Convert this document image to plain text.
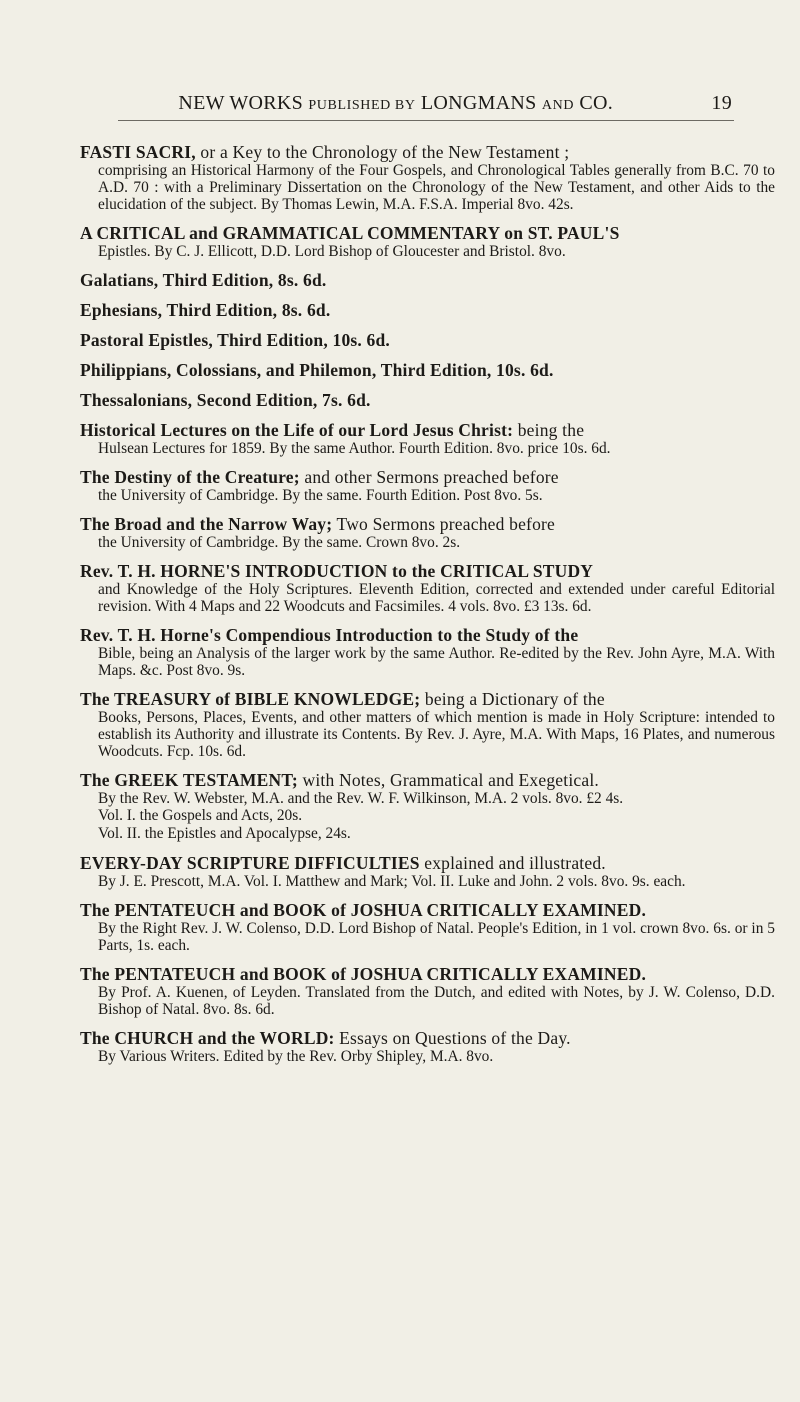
NEW WORKS PUBLISHED BY LONGMANS AND CO.	19
FASTI SACRI, or a Key to the Chronology of the New Testament ;
comprising an Historical Harmony of the Four Gospels, and Chronological Tables generally from B.C. 70 to A.D. 70 : with a Preliminary Dissertation on the Chronology of the New Testament, and other Aids to the elucidation of the subject. By Thomas Lewin, M.A. F.S.A. Imperial 8vo. 42s.
A CRITICAL and GRAMMATICAL COMMENTARY on ST. PAUL'S
Epistles. By C. J. Ellicott, D.D. Lord Bishop of Gloucester and Bristol. 8vo.
Galatians, Third Edition, 8s. 6d.
Ephesians, Third Edition, 8s. 6d.
Pastoral Epistles, Third Edition, 10s. 6d.
Philippians, Colossians, and Philemon, Third Edition, 10s. 6d.
Thessalonians, Second Edition, 7s. 6d.
Historical Lectures on the Life of our Lord Jesus Christ: being the
Hulsean Lectures for 1859. By the same Author. Fourth Edition. 8vo. price 10s. 6d.
The Destiny of the Creature; and other Sermons preached before
the University of Cambridge. By the same. Fourth Edition. Post 8vo. 5s.
The Broad and the Narrow Way; Two Sermons preached before
the University of Cambridge. By the same. Crown 8vo. 2s.
Rev. T. H. HORNE'S INTRODUCTION to the CRITICAL STUDY
and Knowledge of the Holy Scriptures. Eleventh Edition, corrected and extended under careful Editorial revision. With 4 Maps and 22 Woodcuts and Facsimiles. 4 vols. 8vo. £3 13s. 6d.
Rev. T. H. Horne's Compendious Introduction to the Study of the
Bible, being an Analysis of the larger work by the same Author. Re-edited by the Rev. John Ayre, M.A. With Maps. &c. Post 8vo. 9s.
The TREASURY of BIBLE KNOWLEDGE; being a Dictionary of the
Books, Persons, Places, Events, and other matters of which mention is made in Holy Scripture: intended to establish its Authority and illustrate its Contents. By Rev. J. Ayre, M.A. With Maps, 16 Plates, and numerous Woodcuts. Fcp. 10s. 6d.
The GREEK TESTAMENT; with Notes, Grammatical and Exegetical.
By the Rev. W. Webster, M.A. and the Rev. W. F. Wilkinson, M.A. 2 vols. 8vo. £2 4s.
Vol. I. the Gospels and Acts, 20s.
Vol. II. the Epistles and Apocalypse, 24s.
EVERY-DAY SCRIPTURE DIFFICULTIES explained and illustrated.
By J. E. Prescott, M.A. Vol. I. Matthew and Mark; Vol. II. Luke and John. 2 vols. 8vo. 9s. each.
The PENTATEUCH and BOOK of JOSHUA CRITICALLY EXAMINED.
By the Right Rev. J. W. Colenso, D.D. Lord Bishop of Natal. People's Edition, in 1 vol. crown 8vo. 6s. or in 5 Parts, 1s. each.
The PENTATEUCH and BOOK of JOSHUA CRITICALLY EXAMINED.
By Prof. A. Kuenen, of Leyden. Translated from the Dutch, and edited with Notes, by J. W. Colenso, D.D. Bishop of Natal. 8vo. 8s. 6d.
The CHURCH and the WORLD: Essays on Questions of the Day.
By Various Writers. Edited by the Rev. Orby Shipley, M.A. 8vo.
